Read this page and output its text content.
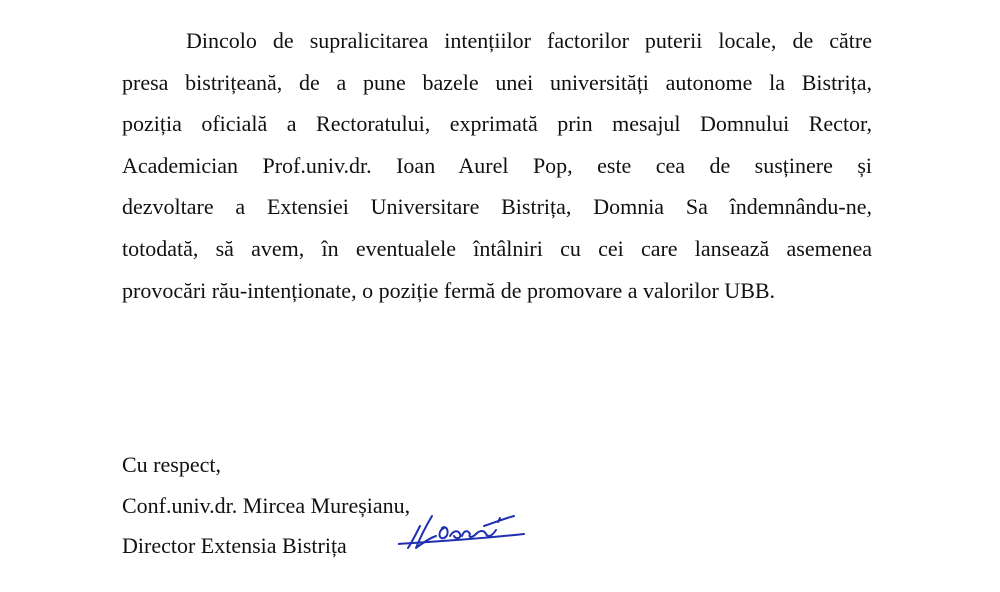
Dincolo de supralicitarea intențiilor factorilor puterii locale, de către
presa bistrițeană, de a pune bazele unei universități autonome la Bistrița,
poziția oficială a Rectoratului, exprimată prin mesajul Domnului Rector,
Academician Prof.univ.dr. Ioan Aurel Pop, este cea de susținere și
dezvoltare a Extensiei Universitare Bistrița, Domnia Sa îndemnându-ne,
totodată, să avem, în eventualele întâlniri cu cei care lansează asemenea
provocări rău-intenționate, o poziție fermă de promovare a valorilor UBB.
Cu respect,
Conf.univ.dr. Mircea Mureșianu,
Director Extensia Bistrița
